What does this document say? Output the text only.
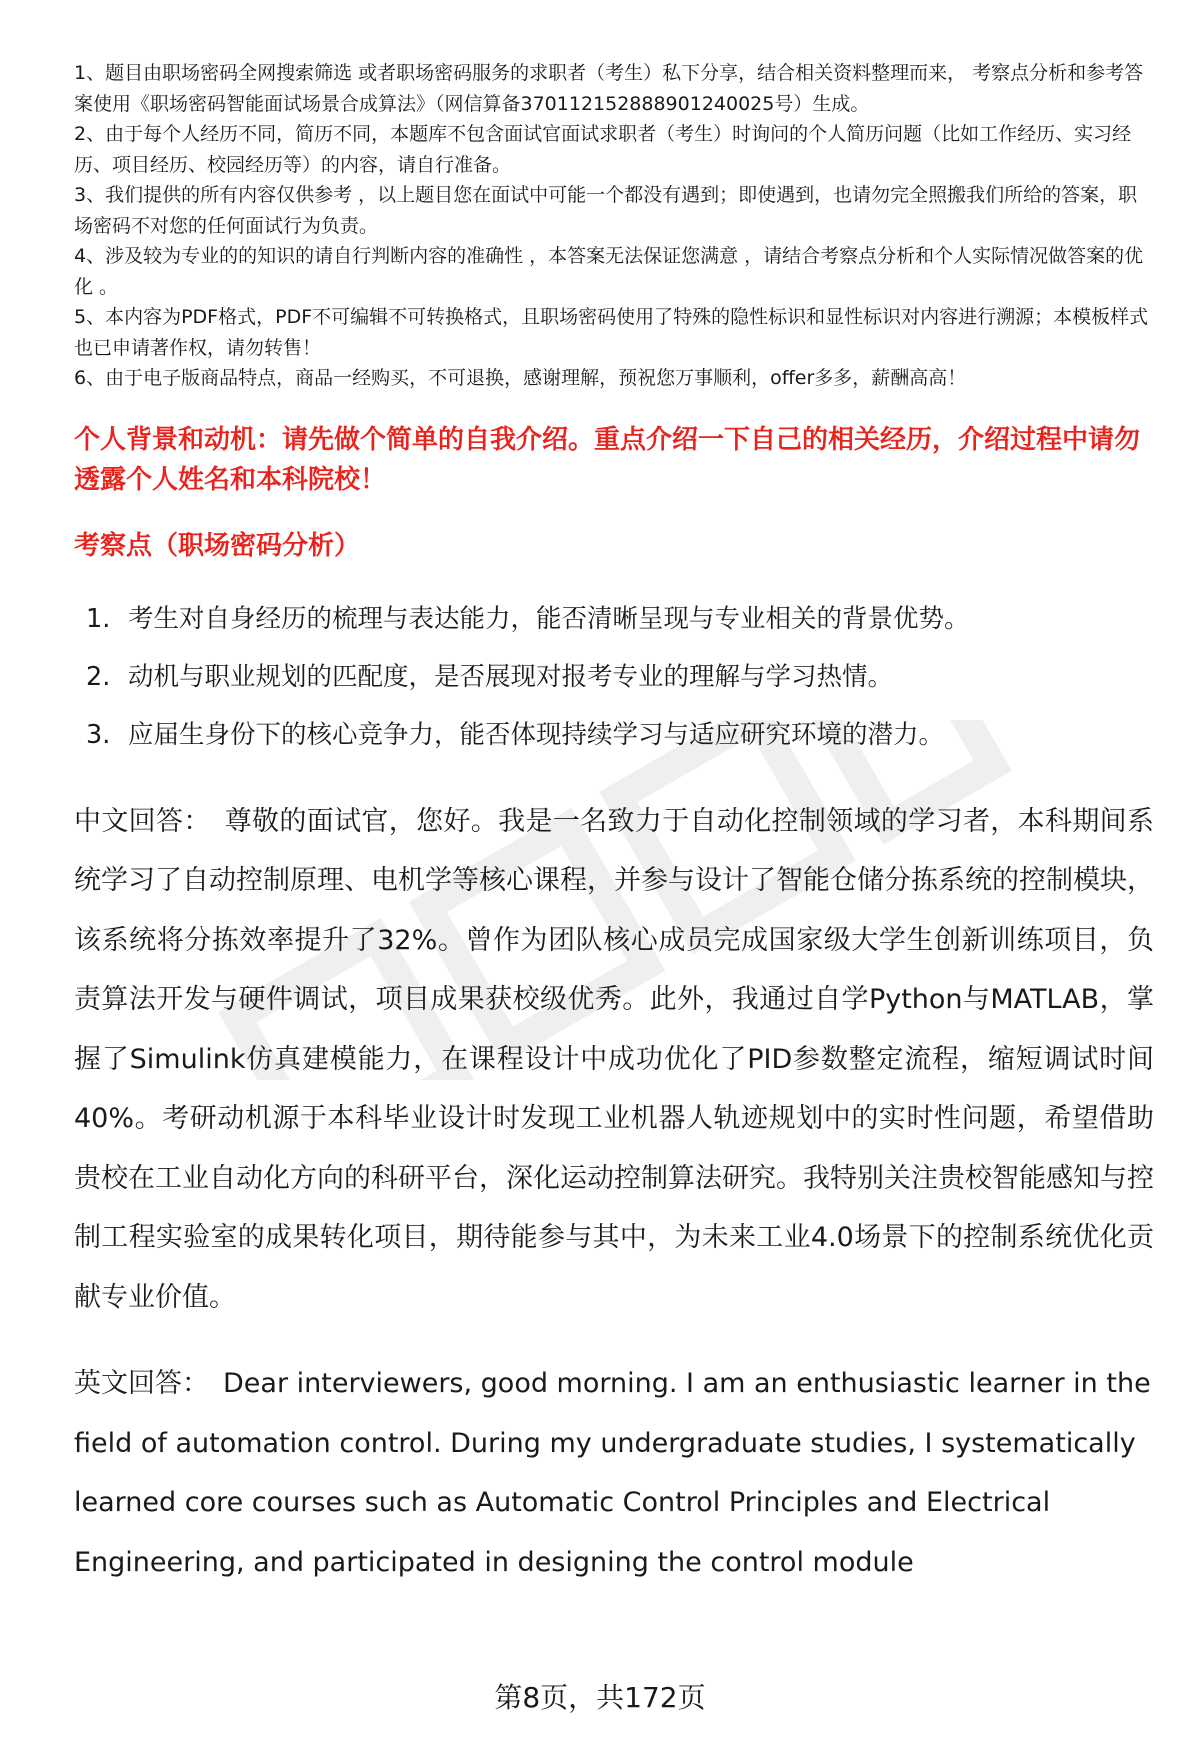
1、题目由职场密码全网搜索筛选 或者职场密码服务的求职者（考生）私下分享，结合相关资料整理而来， 考察点分析和参考答案使用《职场密码智能面试场景合成算法》（网信算备370112152888901240025号）生成。
2、由于每个人经历不同，简历不同，本题库不包含面试官面试求职者（考生）时询问的个人简历问题（比如工作经历、实习经历、项目经历、校园经历等）的内容，请自行准备。
3、我们提供的所有内容仅供参考 ，以上题目您在面试中可能一个都没有遇到；即使遇到，也请勿完全照搬我们所给的答案，职场密码不对您的任何面试行为负责。
4、涉及较为专业的的知识的请自行判断内容的准确性 ，本答案无法保证您满意 ，请结合考察点分析和个人实际情况做答案的优化 。
5、本内容为PDF格式，PDF不可编辑不可转换格式，且职场密码使用了特殊的隐性标识和显性标识对内容进行溯源；本模板样式也已申请著作权，请勿转售！
6、由于电子版商品特点，商品一经购买，不可退换，感谢理解，预祝您万事顺利，offer多多，薪酬高高！
个人背景和动机：请先做个简单的自我介绍。重点介绍一下自己的相关经历，介绍过程中请勿透露个人姓名和本科院校！
考察点（职场密码分析）
1. 考生对自身经历的梳理与表达能力，能否清晰呈现与专业相关的背景优势。
2. 动机与职业规划的匹配度，是否展现对报考专业的理解与学习热情。
3. 应届生身份下的核心竞争力，能否体现持续学习与适应研究环境的潜力。

中文回答： 尊敬的面试官，您好。我是一名致力于自动化控制领域的学习者，本科期间系统学习了自动控制原理、电机学等核心课程，并参与设计了智能仓储分拣系统的控制模块，该系统将分拣效率提升了32%。曾作为团队核心成员完成国家级大学生创新训练项目，负责算法开发与硬件调试，项目成果获校级优秀。此外，我通过自学Python与MATLAB，掌握了Simulink仿真建模能力，在课程设计中成功优化了PID参数整定流程，缩短调试时间40%。考研动机源于本科毕业设计时发现工业机器人轨迹规划中的实时性问题，希望借助贵校在工业自动化方向的科研平台，深化运动控制算法研究。我特别关注贵校智能感知与控制工程实验室的成果转化项目，期待能参与其中，为未来工业4.0场景下的控制系统优化贡献专业价值。

英文回答： Dear interviewers, good morning. I am an enthusiastic learner in the field of automation control. During my undergraduate studies, I systematically learned core courses such as Automatic Control Principles and Electrical Engineering, and participated in designing the control module

第8页，共172页
